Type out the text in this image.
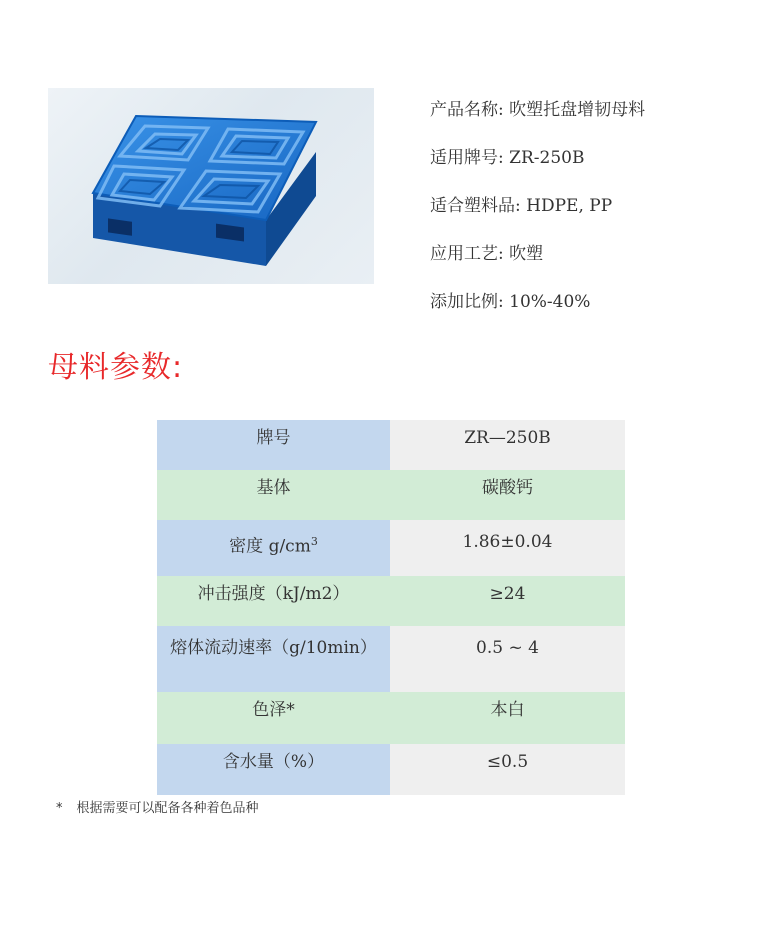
产品名称: 吹塑托盘增韧母料
适用牌号: ZR-250B
适合塑料品: HDPE, PP
应用工艺: 吹塑
添加比例: 10%-40%
母料参数:
牌号	ZR—250B

基体	碳酸钙

密度 $g/cm^3$	1.86±0.04

冲击强度（kJ/m2）	≥24

熔体流动速率（g/10min）	0.5 ~ 4

色泽*	本白

含水量（%）	≤0.5
* 根据需要可以配备各种着色品种
